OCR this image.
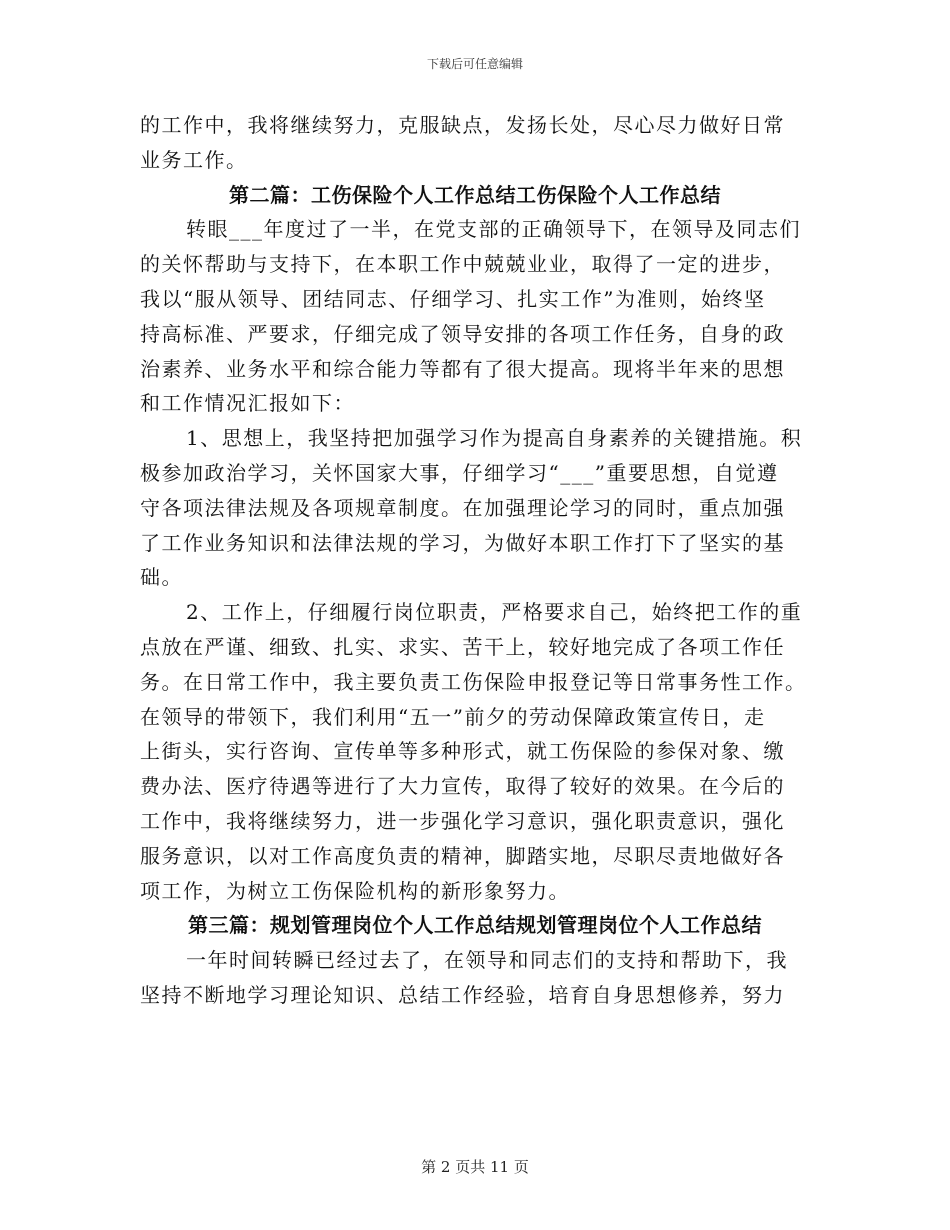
下载后可任意编辑
的工作中，我将继续努力，克服缺点，发扬长处，尽心尽力做好日常
业务工作。
第二篇：工伤保险个人工作总结工伤保险个人工作总结
转眼___年度过了一半，在党支部的正确领导下，在领导及同志们
的关怀帮助与支持下，在本职工作中兢兢业业，取得了一定的进步，
我以“服从领导、团结同志、仔细学习、扎实工作”为准则，始终坚
持高标准、严要求，仔细完成了领导安排的各项工作任务，自身的政
治素养、业务水平和综合能力等都有了很大提高。现将半年来的思想
和工作情况汇报如下：
1、思想上，我坚持把加强学习作为提高自身素养的关键措施。积
极参加政治学习，关怀国家大事，仔细学习“___”重要思想，自觉遵
守各项法律法规及各项规章制度。在加强理论学习的同时，重点加强
了工作业务知识和法律法规的学习，为做好本职工作打下了坚实的基
础。
2、工作上，仔细履行岗位职责，严格要求自己，始终把工作的重
点放在严谨、细致、扎实、求实、苦干上，较好地完成了各项工作任
务。在日常工作中，我主要负责工伤保险申报登记等日常事务性工作。
在领导的带领下，我们利用“五一”前夕的劳动保障政策宣传日，走
上街头，实行咨询、宣传单等多种形式，就工伤保险的参保对象、缴
费办法、医疗待遇等进行了大力宣传，取得了较好的效果。在今后的
工作中，我将继续努力，进一步强化学习意识，强化职责意识，强化
服务意识，以对工作高度负责的精神，脚踏实地，尽职尽责地做好各
项工作，为树立工伤保险机构的新形象努力。
第三篇：规划管理岗位个人工作总结规划管理岗位个人工作总结
一年时间转瞬已经过去了，在领导和同志们的支持和帮助下，我
坚持不断地学习理论知识、总结工作经验，培育自身思想修养，努力
第 2 页共 11 页
